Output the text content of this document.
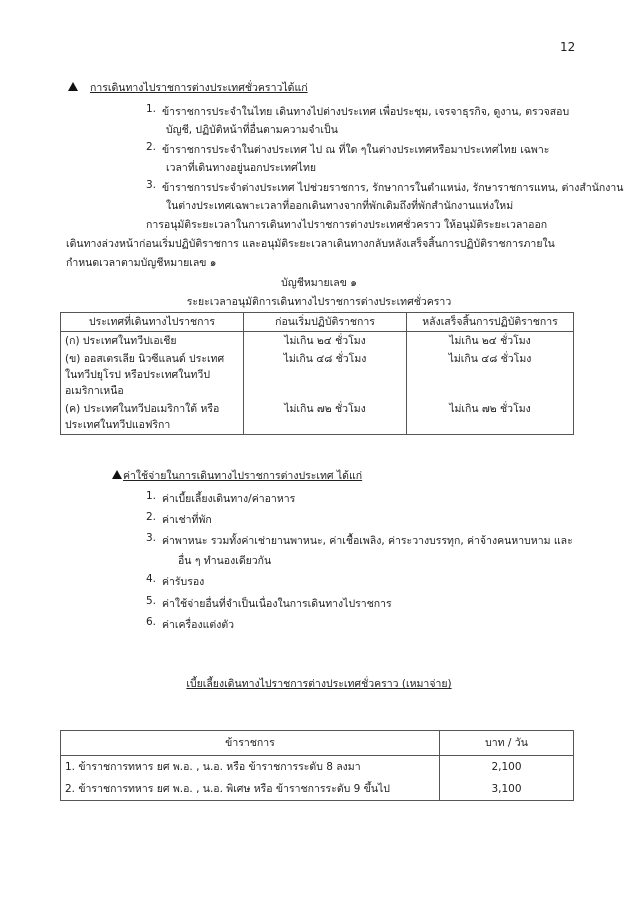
12
การเดินทางไปราชการต่างประเทศชั่วคราวได้แก่
1. ข้าราชการประจำในไทย เดินทางไปต่างประเทศ เพื่อประชุม, เจรจาธุรกิจ, ดูงาน, ตรวจสอบ
บัญชี, ปฏิบัติหน้าที่อื่นตามความจำเป็น
2. ข้าราชการประจำในต่างประเทศ ไป ณ ที่ใด ๆในต่างประเทศหรือมาประเทศไทย เฉพาะ
เวลาที่เดินทางอยู่นอกประเทศไทย
3. ข้าราชการประจำต่างประเทศ ไปช่วยราชการ, รักษาการในตำแหน่ง, รักษาราชการแทน, ต่างสำนักงาน
ในต่างประเทศเฉพาะเวลาที่ออกเดินทางจากที่พักเดิมถึงที่พักสำนักงานแห่งใหม่
การอนุมัติระยะเวลาในการเดินทางไปราชการต่างประเทศชั่วคราว ให้อนุมัติระยะเวลาออก
เดินทางล่วงหน้าก่อนเริ่มปฏิบัติราชการ และอนุมัติระยะเวลาเดินทางกลับหลังเสร็จสิ้นการปฏิบัติราชการภายใน
กำหนดเวลาตามบัญชีหมายเลข ๑
บัญชีหมายเลข ๑
ระยะเวลาอนุมัติการเดินทางไปราชการต่างประเทศชั่วคราว
ประเทศที่เดินทางไปราชการ	ก่อนเริ่มปฏิบัติราชการ	หลังเสร็จสิ้นการปฏิบัติราชการ

(ก) ประเทศในทวีปเอเชีย	ไม่เกิน ๒๔ ชั่วโมง	ไม่เกิน ๒๔ ชั่วโมง

(ข) ออสเตรเลีย นิวซีแลนด์ ประเทศ
ในทวีปยุโรป หรือประเทศในทวีป
อเมริกาเหนือ	ไม่เกิน ๔๘ ชั่วโมง	ไม่เกิน ๔๘ ชั่วโมง

(ค) ประเทศในทวีปอเมริกาใต้ หรือ
ประเทศในทวีปแอฟริกา	ไม่เกิน ๗๒ ชั่วโมง	ไม่เกิน ๗๒ ชั่วโมง
ค่าใช้จ่ายในการเดินทางไปราชการต่างประเทศ ได้แก่
1. ค่าเบี้ยเลี้ยงเดินทาง/ค่าอาหาร
2. ค่าเช่าที่พัก
3. ค่าพาหนะ รวมทั้งค่าเช่ายานพาหนะ, ค่าเชื้อเพลิง, ค่าระวางบรรทุก, ค่าจ้างคนหาบหาม และ
อื่น ๆ ทำนองเดียวกัน
4. ค่ารับรอง
5. ค่าใช้จ่ายอื่นที่จำเป็นเนื่องในการเดินทางไปราชการ
6. ค่าเครื่องแต่งตัว
เบี้ยเลี้ยงเดินทางไปราชการต่างประเทศชั่วคราว (เหมาจ่าย)
ข้าราชการ	บาท / วัน
1. ข้าราชการทหาร ยศ พ.อ. , น.อ. หรือ ข้าราชการระดับ 8 ลงมา	2,100
2. ข้าราชการทหาร ยศ พ.อ. , น.อ. พิเศษ หรือ ข้าราชการระดับ 9 ขึ้นไป	3,100
